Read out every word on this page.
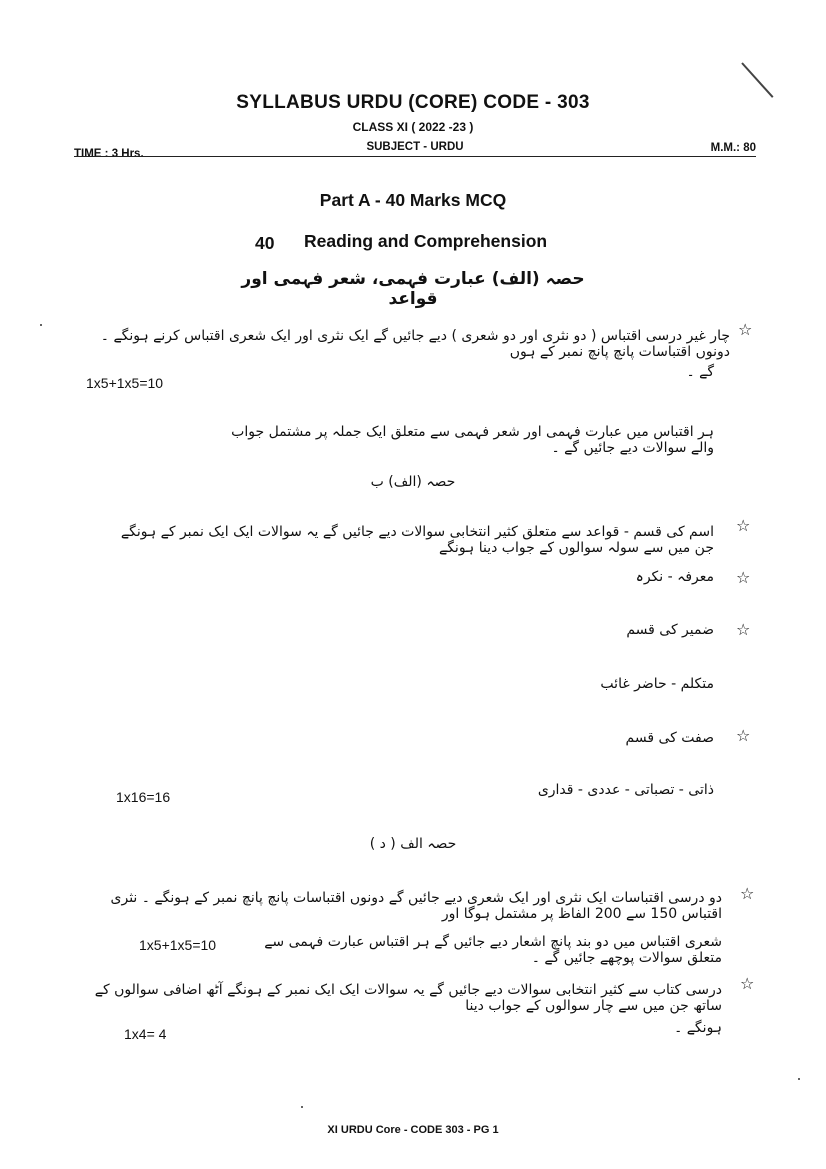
SYLLABUS URDU (CORE) CODE - 303
CLASS XI ( 2022 -23 )
TIME : 3 Hrs.
SUBJECT - URDU	M.M.: 80
Part A - 40 Marks MCQ
40 Reading and Comprehension
حصہ (الف) عبارت فہمی، شعر فہمی اور قواعد
☆
چار غیر درسی اقتباس ( دو نثری اور دو شعری ) دیے جائیں گے ایک نثری اور ایک شعری اقتباس کرنے ہونگے ۔ دونوں اقتباسات پانچ پانچ نمبر کے ہوں
گے ۔
1x5+1x5=10
ہر اقتباس میں عبارت فہمی اور شعر فہمی سے متعلق ایک جملہ پر مشتمل جواب والے سوالات دیے جائیں گے ۔
حصہ (الف) ب
☆
اسم کی قسم - قواعد سے متعلق کثیر انتخابی سوالات دیے جائیں گے یہ سوالات ایک ایک نمبر کے ہونگے جن میں سے سولہ سوالوں کے جواب دینا ہونگے
☆
معرفہ - نکرہ
☆
ضمیر کی قسم
متکلم - حاضر غائب
☆
صفت کی قسم
ذاتی - تصباتی - عددی - قداری
1x16=16
حصہ الف ( د )
☆
دو درسی اقتباسات ایک نثری اور ایک شعری دیے جائیں گے دونوں اقتباسات پانچ پانچ نمبر کے ہونگے ۔ نثری اقتباس 150 سے 200 الفاظ پر مشتمل ہوگا اور
شعری اقتباس میں دو بند پانچ اشعار دیے جائیں گے ہر اقتباس عبارت فہمی سے متعلق سوالات پوچھے جائیں گے ۔
1x5+1x5=10
☆
درسی کتاب سے کثیر انتخابی سوالات دیے جائیں گے یہ سوالات ایک ایک نمبر کے ہونگے آٹھ اضافی سوالوں کے ساتھ جن میں سے چار سوالوں کے جواب دینا
ہونگے ۔
1x4= 4
XI URDU Core - CODE 303 - PG 1
